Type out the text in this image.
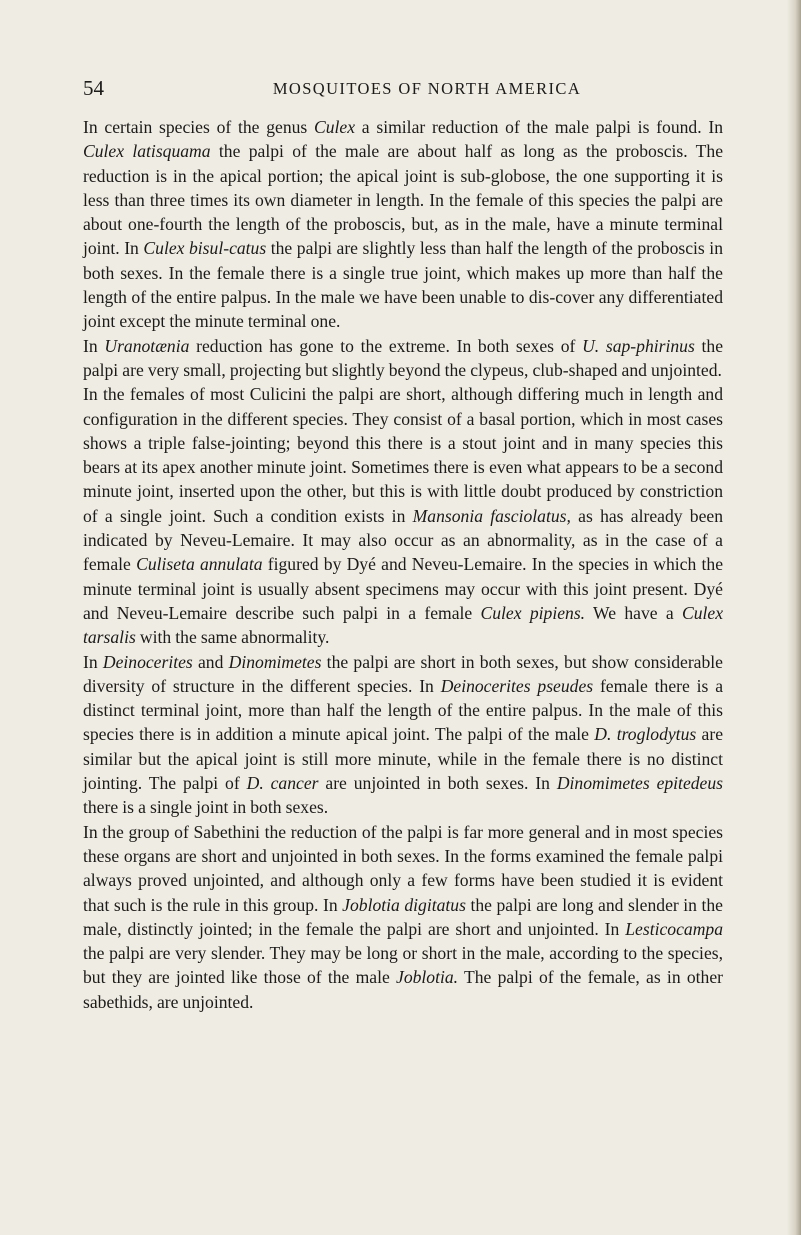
54	MOSQUITOES OF NORTH AMERICA

In certain species of the genus Culex a similar reduction of the male palpi is found. In Culex latisquama the palpi of the male are about half as long as the proboscis. The reduction is in the apical portion; the apical joint is sub-globose, the one supporting it is less than three times its own diameter in length. In the female of this species the palpi are about one-fourth the length of the proboscis, but, as in the male, have a minute terminal joint. In Culex bisul-catus the palpi are slightly less than half the length of the proboscis in both sexes. In the female there is a single true joint, which makes up more than half the length of the entire palpus. In the male we have been unable to dis-cover any differentiated joint except the minute terminal one.

In Uranotænia reduction has gone to the extreme. In both sexes of U. sap-phirinus the palpi are very small, projecting but slightly beyond the clypeus, club-shaped and unjointed.

In the females of most Culicini the palpi are short, although differing much in length and configuration in the different species. They consist of a basal portion, which in most cases shows a triple false-jointing; beyond this there is a stout joint and in many species this bears at its apex another minute joint. Sometimes there is even what appears to be a second minute joint, inserted upon the other, but this is with little doubt produced by constriction of a single joint. Such a condition exists in Mansonia fasciolatus, as has already been indicated by Neveu-Lemaire. It may also occur as an abnormality, as in the case of a female Culiseta annulata figured by Dyé and Neveu-Lemaire. In the species in which the minute terminal joint is usually absent specimens may occur with this joint present. Dyé and Neveu-Lemaire describe such palpi in a female Culex pipiens. We have a Culex tarsalis with the same abnormality.

In Deinocerites and Dinomimetes the palpi are short in both sexes, but show considerable diversity of structure in the different species. In Deinocerites pseudes female there is a distinct terminal joint, more than half the length of the entire palpus. In the male of this species there is in addition a minute apical joint. The palpi of the male D. troglodytus are similar but the apical joint is still more minute, while in the female there is no distinct jointing. The palpi of D. cancer are unjointed in both sexes. In Dinomimetes epitedeus there is a single joint in both sexes.

In the group of Sabethini the reduction of the palpi is far more general and in most species these organs are short and unjointed in both sexes. In the forms examined the female palpi always proved unjointed, and although only a few forms have been studied it is evident that such is the rule in this group. In Joblotia digitatus the palpi are long and slender in the male, distinctly jointed; in the female the palpi are short and unjointed. In Lesticocampa the palpi are very slender. They may be long or short in the male, according to the species, but they are jointed like those of the male Joblotia. The palpi of the female, as in other sabethids, are unjointed.
